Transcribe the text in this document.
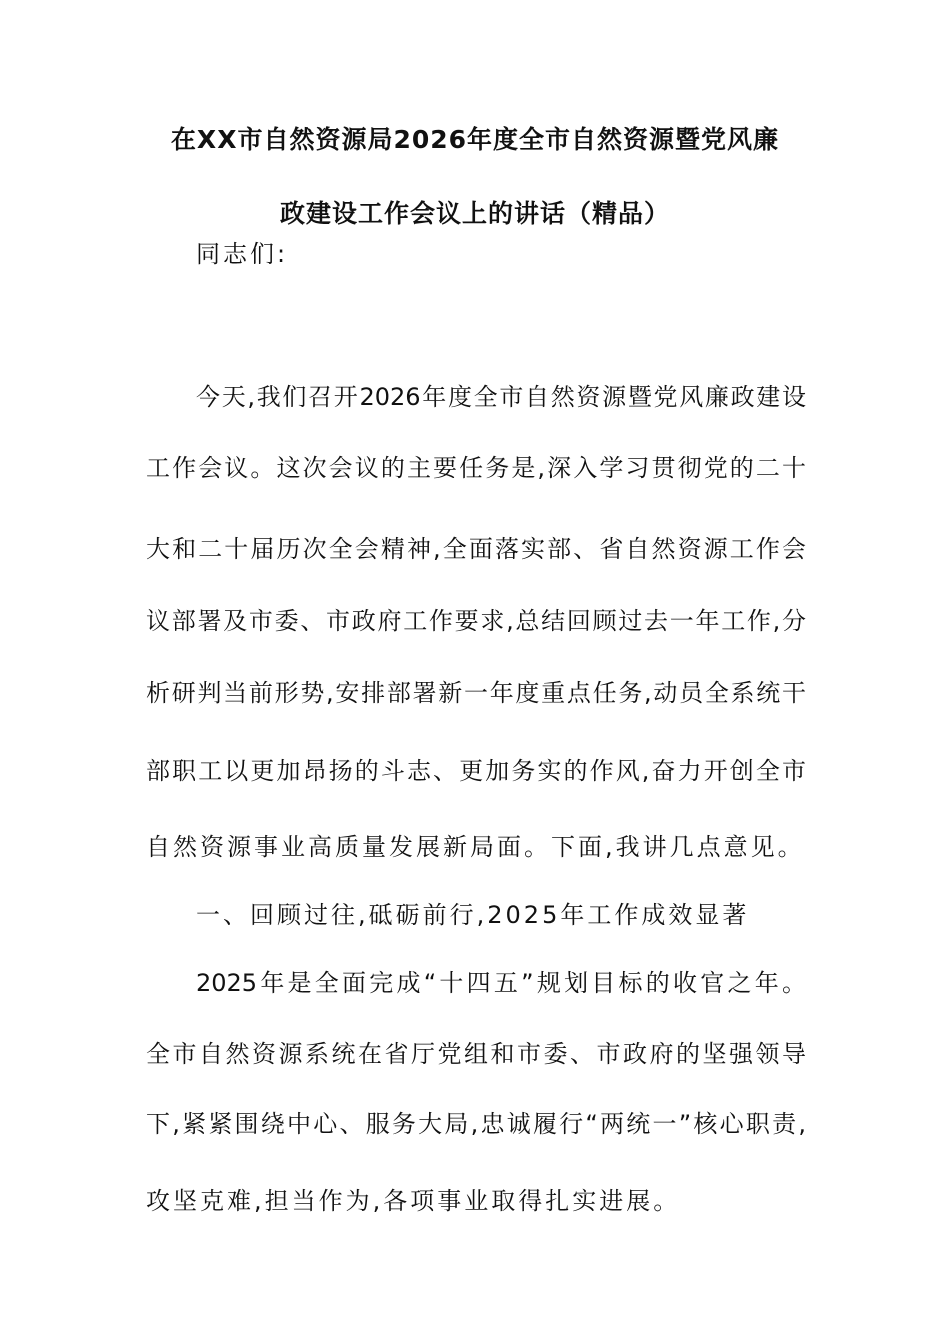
在XX市自然资源局2026年度全市自然资源暨党风廉
政建设工作会议上的讲话（精品）
同志们:
今天,我们召开2026年度全市自然资源暨党风廉政建设
工作会议。这次会议的主要任务是,深入学习贯彻党的二十
大和二十届历次全会精神,全面落实部、省自然资源工作会
议部署及市委、市政府工作要求,总结回顾过去一年工作,分
析研判当前形势,安排部署新一年度重点任务,动员全系统干
部职工以更加昂扬的斗志、更加务实的作风,奋力开创全市
自然资源事业高质量发展新局面。下面,我讲几点意见。
一、回顾过往,砥砺前行,2025年工作成效显著
2025年是全面完成“十四五”规划目标的收官之年。
全市自然资源系统在省厅党组和市委、市政府的坚强领导
下,紧紧围绕中心、服务大局,忠诚履行“两统一”核心职责,
攻坚克难,担当作为,各项事业取得扎实进展。
